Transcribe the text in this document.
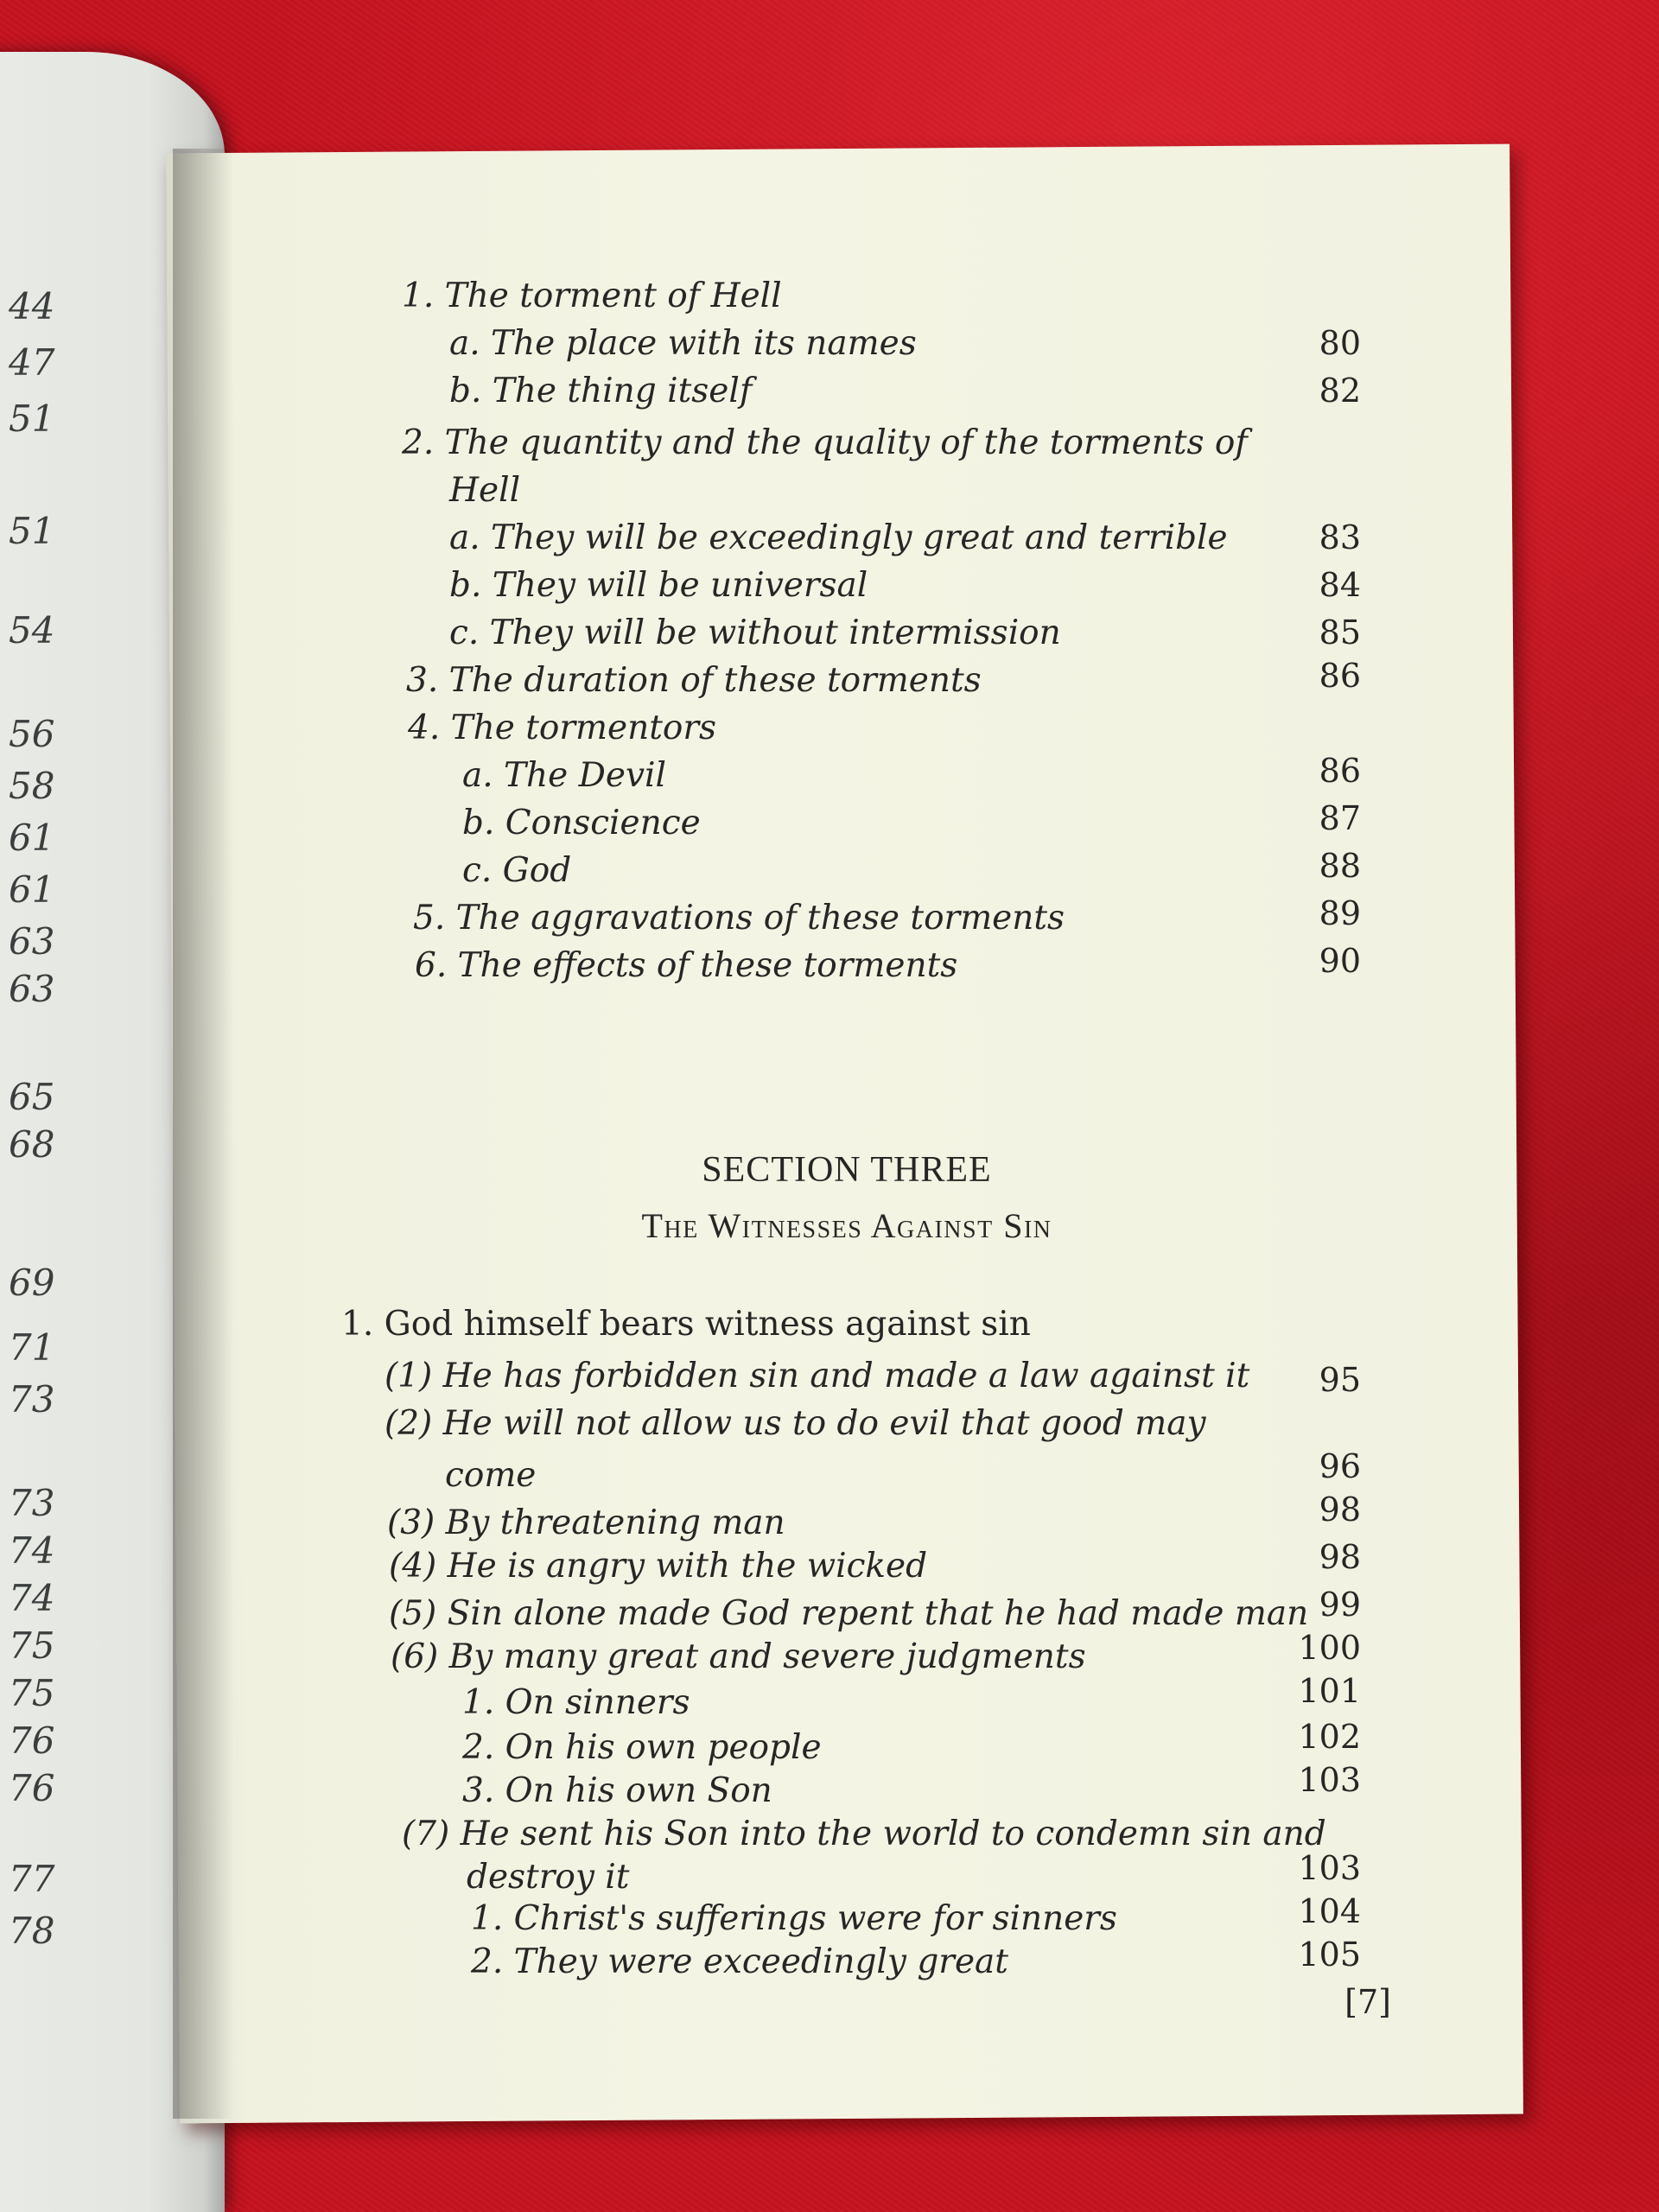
44
47
51
51
54
56
58
61
61
63
63
65
68
69
71
73
73
74
74
75
75
76
76
77
78
1. The torment of Hell
a. The place with its names	80
b. The thing itself	82
2. The quantity and the quality of the torments of
Hell
a. They will be exceedingly great and terrible	83
b. They will be universal	84
c. They will be without intermission	85
3. The duration of these torments	86
4. The tormentors
a. The Devil	86
b. Conscience	87
c. God	88
5. The aggravations of these torments	89
6. The effects of these torments	90
SECTION THREE
The Witnesses Against Sin
1. God himself bears witness against sin
(1) He has forbidden sin and made a law against it	95
(2) He will not allow us to do evil that good may
come	96
(3) By threatening man	98
(4) He is angry with the wicked	98
(5) Sin alone made God repent that he had made man 99
(6) By many great and severe judgments	100
1. On sinners	101
2. On his own people	102
3. On his own Son	103
(7) He sent his Son into the world to condemn sin and
destroy it	103
1. Christ's sufferings were for sinners	104
2. They were exceedingly great	105
[7]
